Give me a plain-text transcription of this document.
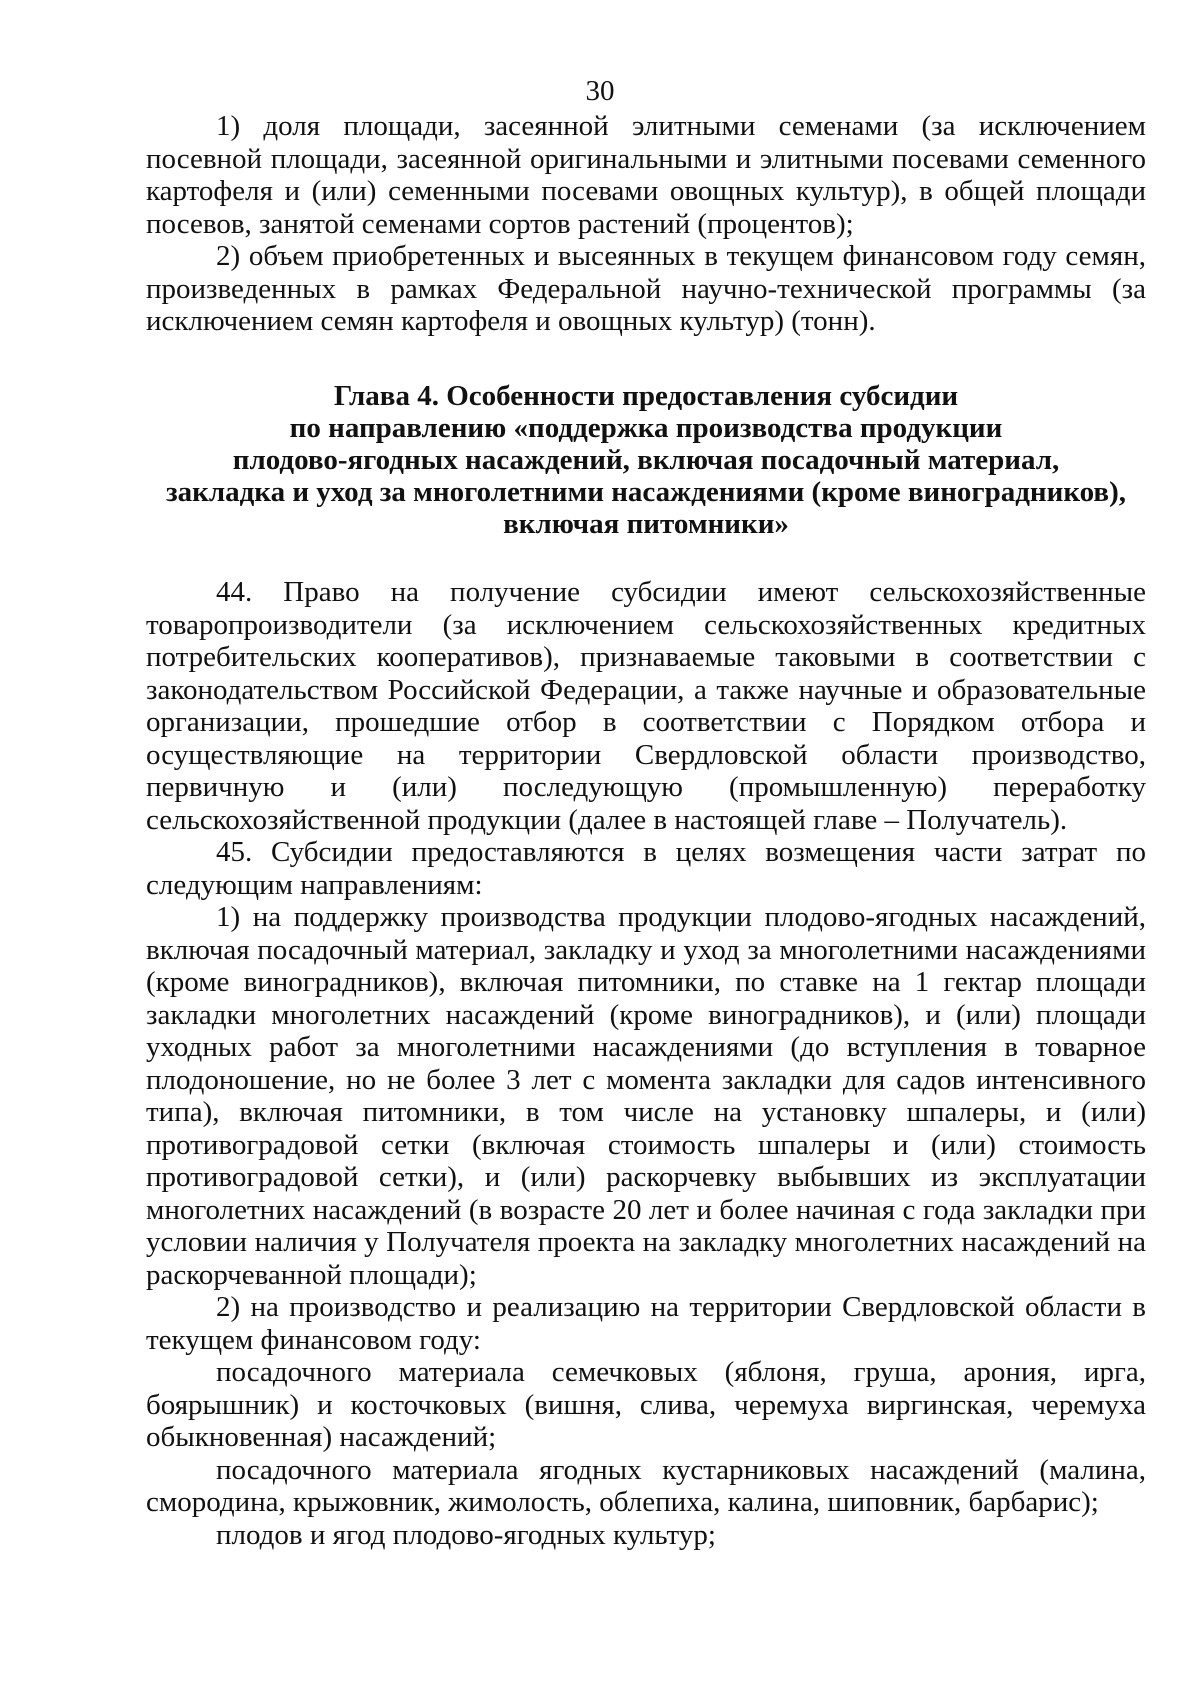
30

1) доля площади, засеянной элитными семенами (за исключением посевной площади, засеянной оригинальными и элитными посевами семенного картофеля и (или) семенными посевами овощных культур), в общей площади посевов, занятой семенами сортов растений (процентов);

2) объем приобретенных и высеянных в текущем финансовом году семян, произведенных в рамках Федеральной научно-технической программы (за исключением семян картофеля и овощных культур) (тонн).

Глава 4. Особенности предоставления субсидии
по направлению «поддержка производства продукции
плодово-ягодных насаждений, включая посадочный материал,
закладка и уход за многолетними насаждениями (кроме виноградников),
включая питомники»

44. Право на получение субсидии имеют сельскохозяйственные товаропроизводители (за исключением сельскохозяйственных кредитных потребительских кооперативов), признаваемые таковыми в соответствии с законодательством Российской Федерации, а также научные и образовательные организации, прошедшие отбор в соответствии с Порядком отбора и осуществляющие на территории Свердловской области производство, первичную и (или) последующую (промышленную) переработку сельскохозяйственной продукции (далее в настоящей главе – Получатель).

45. Субсидии предоставляются в целях возмещения части затрат по следующим направлениям:

1) на поддержку производства продукции плодово-ягодных насаждений, включая посадочный материал, закладку и уход за многолетними насаждениями (кроме виноградников), включая питомники, по ставке на 1 гектар площади закладки многолетних насаждений (кроме виноградников), и (или) площади уходных работ за многолетними насаждениями (до вступления в товарное плодоношение, но не более 3 лет с момента закладки для садов интенсивного типа), включая питомники, в том числе на установку шпалеры, и (или) противоградовой сетки (включая стоимость шпалеры и (или) стоимость противоградовой сетки), и (или) раскорчевку выбывших из эксплуатации многолетних насаждений (в возрасте 20 лет и более начиная с года закладки при условии наличия у Получателя проекта на закладку многолетних насаждений на раскорчеванной площади);

2) на производство и реализацию на территории Свердловской области в текущем финансовом году:

посадочного материала семечковых (яблоня, груша, арония, ирга, боярышник) и косточковых (вишня, слива, черемуха виргинская, черемуха обыкновенная) насаждений;

посадочного материала ягодных кустарниковых насаждений (малина, смородина, крыжовник, жимолость, облепиха, калина, шиповник, барбарис);

плодов и ягод плодово-ягодных культур;
